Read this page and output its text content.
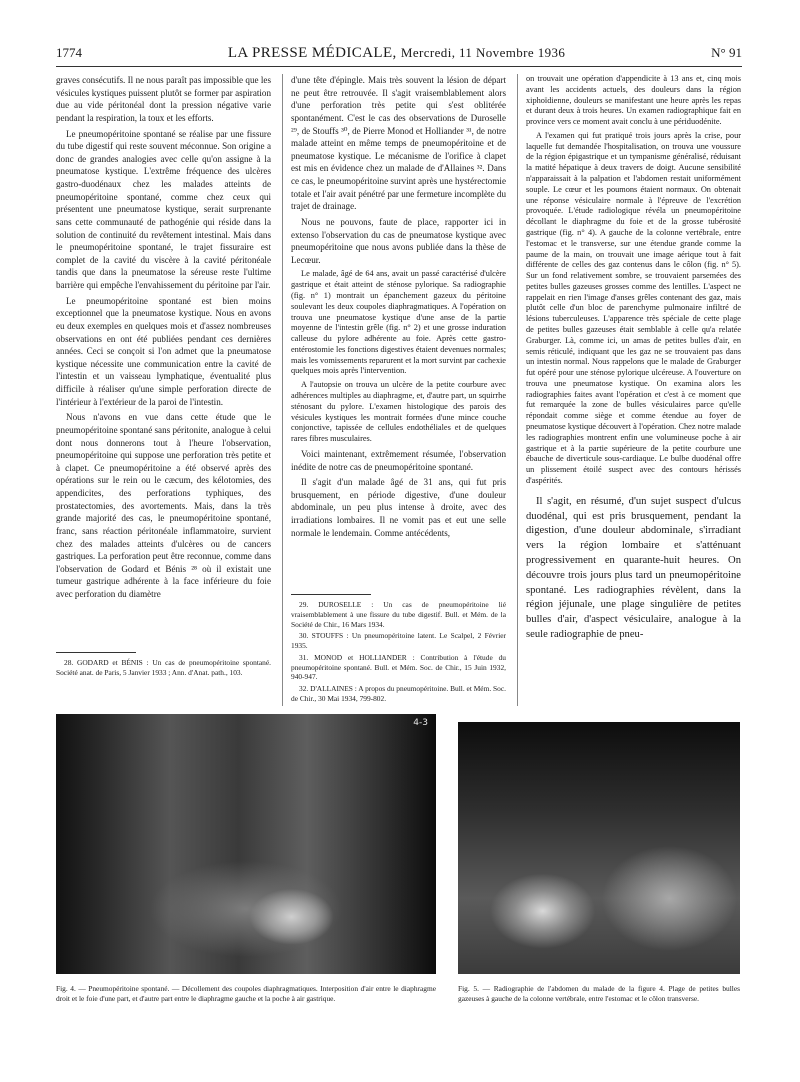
1774	LA PRESSE MÉDICALE, Mercredi, 11 Novembre 1936	N° 91

graves consécutifs. Il ne nous paraît pas impossible que les vésicules kystiques puissent plutôt se former par aspiration due au vide péritonéal dont la pression négative varie pendant la respiration, la toux et les efforts.

Le pneumopéritoine spontané se réalise par une fissure du tube digestif qui reste souvent méconnue. Son origine a donc de grandes analogies avec celle qu'on assigne à la pneumatose kystique. L'extrême fréquence des ulcères gastro-duodénaux chez les malades atteints de pneumopéritoine spontané, comme chez ceux qui présentent une pneumatose kystique, serait surprenante sans cette communauté de pathogénie qui réside dans la solution de continuité du revêtement intestinal. Mais dans le pneumopéritoine spontané, le trajet fissuraire est complet de la cavité du viscère à la cavité péritonéale tandis que dans la pneumatose la séreuse reste l'ultime barrière qui empêche l'envahissement du péritoine par l'air.

Le pneumopéritoine spontané est bien moins exceptionnel que la pneumatose kystique. Nous en avons eu deux exemples en quelques mois et d'assez nombreuses observations en ont été publiées pendant ces dernières années. Ceci se conçoit si l'on admet que la pneumatose kystique nécessite une communication entre la cavité de l'intestin et un vaisseau lymphatique, éventualité plus difficile à réaliser qu'une simple perforation directe de l'intérieur à l'extérieur de la paroi de l'intestin.

Nous n'avons en vue dans cette étude que le pneumopéritoine spontané sans péritonite, analogue à celui dont nous donnerons tout à l'heure l'observation, pneumopéritoine qui suppose une perforation très petite et à clapet. Ce pneumopéritoine a été observé après des opérations sur le rein ou le cæcum, des kélotomies, des appendicites, des perforations typhiques, des prostatectomies, des avortements. Mais, dans la très grande majorité des cas, le pneumopéritoine spontané, franc, sans réaction péritonéale inflammatoire, survient chez des malades atteints d'ulcères ou de cancers gastriques. La perforation peut être reconnue, comme dans l'observation de Godard et Bénis ²⁸ où il existait une tumeur gastrique adhérente à la face inférieure du foie avec perforation du diamètre

28. GODARD et BÉNIS : Un cas de pneumopéritoine spontané. Société anat. de Paris, 5 Janvier 1933 ; Ann. d'Anat. path., 103.

d'une tête d'épingle. Mais très souvent la lésion de départ ne peut être retrouvée. Il s'agit vraisemblablement alors d'une perforation très petite qui s'est oblitérée spontanément. C'est le cas des observations de Duroselle ²⁹, de Stouffs ³⁰, de Pierre Monod et Holliander ³¹, de notre malade atteint en même temps de pneumopéritoine et de pneumatose kystique. Le mécanisme de l'orifice à clapet est mis en évidence chez un malade de d'Allaines ³². Dans ce cas, le pneumopéritoine survint après une hystérectomie totale et l'air avait pénétré par une fermeture incomplète du trajet de drainage.

Nous ne pouvons, faute de place, rapporter ici in extenso l'observation du cas de pneumatose kystique avec pneumopéritoine que nous avons publiée dans la thèse de Lecœur.

Le malade, âgé de 64 ans, avait un passé caractérisé d'ulcère gastrique et était atteint de sténose pylorique. Sa radiographie (fig. n° 1) montrait un épanchement gazeux du péritoine soulevant les deux coupoles diaphragmatiques. A l'opération on trouva une pneumatose kystique d'une anse de la partie moyenne de l'intestin grêle (fig. n° 2) et une grosse induration calleuse du pylore adhérente au foie. Après cette gastro-entérostomie les fonctions digestives étaient devenues normales; mais les vomissements reparurent et la mort survint par cachexie quelques mois après l'intervention.

A l'autopsie on trouva un ulcère de la petite courbure avec adhérences multiples au diaphragme, et, d'autre part, un squirrhe sténosant du pylore. L'examen histologique des parois des vésicules kystiques les montrait formées d'une mince couche conjonctive, tapissée de cellules endothéliales et de quelques rares fibres musculaires.

Voici maintenant, extrêmement résumée, l'observation inédite de notre cas de pneumopéritoine spontané.

Il s'agit d'un malade âgé de 31 ans, qui fut pris brusquement, en période digestive, d'une douleur abdominale, un peu plus intense à droite, avec des irradiations lombaires. Il ne vomit pas et eut une selle normale le lendemain. Comme antécédents,

29. DUROSELLE : Un cas de pneumopéritoine lié vraisemblablement à une fissure du tube digestif. Bull. et Mém. de la Société de Chir., 16 Mars 1934.

30. STOUFFS : Un pneumopéritoine latent. Le Scalpel, 2 Février 1935.

31. MONOD et HOLLIANDER : Contribution à l'étude du pneumopéritoine spontané. Bull. et Mém. Soc. de Chir., 15 Juin 1932, 940-947.

32. D'ALLAINES : A propos du pneumopéritoine. Bull. et Mém. Soc. de Chir., 30 Mai 1934, 799-802.

on trouvait une opération d'appendicite à 13 ans et, cinq mois avant les accidents actuels, des douleurs dans la région xiphoïdienne, douleurs se manifestant une heure après les repas et durant deux à trois heures. Un examen radiographique fait en province vers ce moment avait conclu à une périduodénite.

A l'examen qui fut pratiqué trois jours après la crise, pour laquelle fut demandée l'hospitalisation, on trouva une voussure de la région épigastrique et un tympanisme généralisé, réduisant la matité hépatique à deux travers de doigt. Aucune sensibilité n'apparaissait à la palpation et l'abdomen restait uniformément souple. Le cœur et les poumons étaient normaux. On obtenait une réponse vésiculaire normale à l'épreuve de l'excrétion provoquée. L'étude radiologique révéla un pneumopéritoine décollant le diaphragme du foie et de la grosse tubérosité gastrique (fig. n° 4). A gauche de la colonne vertébrale, entre l'estomac et le transverse, sur une étendue grande comme la paume de la main, on trouvait une image aérique tout à fait différente de celles des gaz contenus dans le côlon (fig. n° 5). Sur un fond relativement sombre, se trouvaient parsemées des petites bulles gazeuses grosses comme des lentilles. L'aspect ne rappelait en rien l'image d'anses grêles contenant des gaz, mais plutôt celle d'un bloc de parenchyme pulmonaire infiltré de lésions tuberculeuses. L'apparence très spéciale de cette plage de petites bulles gazeuses était semblable à celle qu'a relatée Graburger. Là, comme ici, un amas de petites bulles d'air, en semis réticulé, indiquant que les gaz ne se trouvaient pas dans un intestin normal. Nous rappelons que le malade de Graburger fut opéré pour une sténose pylorique ulcéreuse. A l'ouverture on trouva une pneumatose kystique. On examina alors les radiographies faites avant l'opération et c'est à ce moment que fut remarquée la zone de bulles vésiculaires parce qu'elle répondait comme siège et comme étendue au foyer de pneumatose kystique découvert à l'opération. Chez notre malade les radiographies montrent enfin une volumineuse poche à air gastrique et à la partie supérieure de la petite courbure une ébauche de diverticule sous-cardiaque. Le bulbe duodénal offre un plissement étoilé suspect avec des contours hérissés d'aspérités.

Il s'agit, en résumé, d'un sujet suspect d'ulcus duodénal, qui est pris brusquement, pendant la digestion, d'une douleur abdominale, s'irradiant vers la région lombaire et s'atténuant progressivement en quarante-huit heures. On découvre trois jours plus tard un pneumopéritoine spontané. Les radiographies révèlent, dans la région jéjunale, une plage singulière de petites bulles d'air, d'aspect vésiculaire, analogue à la seule radiographie de pneu-

4-3
Fig. 4. — Pneumopéritoine spontané. — Décollement des coupoles diaphragmatiques. Interposition d'air entre le diaphragme droit et le foie d'une part, et d'autre part entre le diaphragme gauche et la poche à air gastrique.
Fig. 5. — Radiographie de l'abdomen du malade de la figure 4. Plage de petites bulles gazeuses à gauche de la colonne vertébrale, entre l'estomac et le côlon transverse.
